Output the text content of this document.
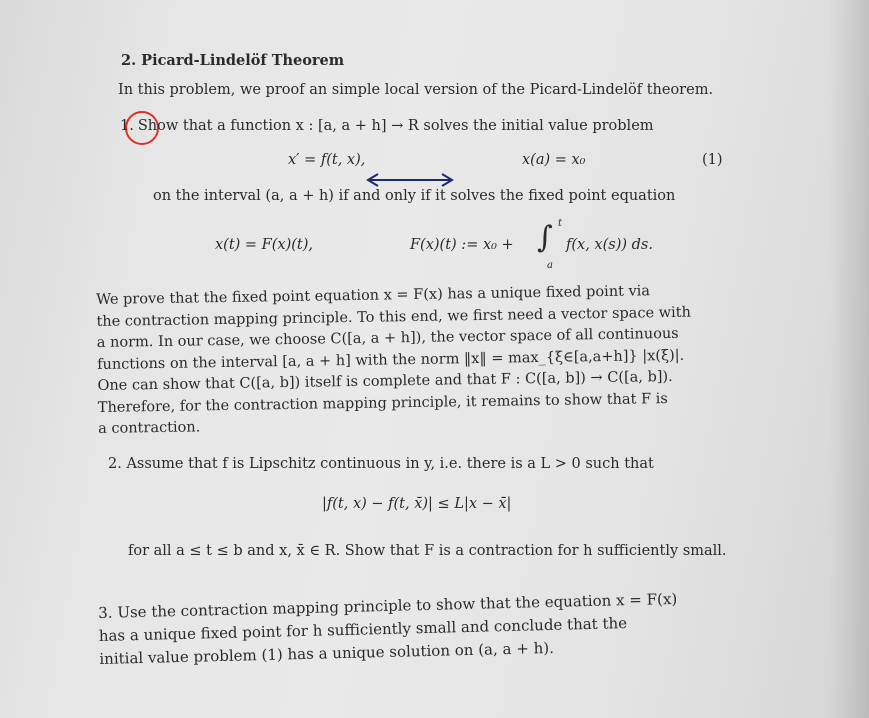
2. Picard-Lindelöf Theorem
In this problem, we proof an simple local version of the Picard-Lindelöf theorem.
1. Show that a function x : [a, a + h] → R solves the initial value problem
x′ = f(t, x),	x(a) = x₀	(1)
on the interval (a, a + h) if and only if it solves the fixed point equation
x(t) = F(x)(t),	F(x)(t) := x₀ + ∫ t
a
f(x, x(s)) ds.
We prove that the fixed point equation x = F(x) has a unique fixed point via
the contraction mapping principle. To this end, we first need a vector space with
a norm. In our case, we choose C([a, a + h]), the vector space of all continuous
functions on the interval [a, a + h] with the norm ‖x‖ = max_{ξ∈[a,a+h]} |x(ξ)|.
One can show that C([a, b]) itself is complete and that F : C([a, b]) → C([a, b]).
Therefore, for the contraction mapping principle, it remains to show that F is
a contraction.
2. Assume that f is Lipschitz continuous in y, i.e. there is a L > 0 such that
|f(t, x) − f(t, x̄)| ≤ L|x − x̄|
for all a ≤ t ≤ b and x, x̄ ∈ R. Show that F is a contraction for h sufficiently small.
3. Use the contraction mapping principle to show that the equation x = F(x)
has a unique fixed point for h sufficiently small and conclude that the
initial value problem (1) has a unique solution on (a, a + h).
